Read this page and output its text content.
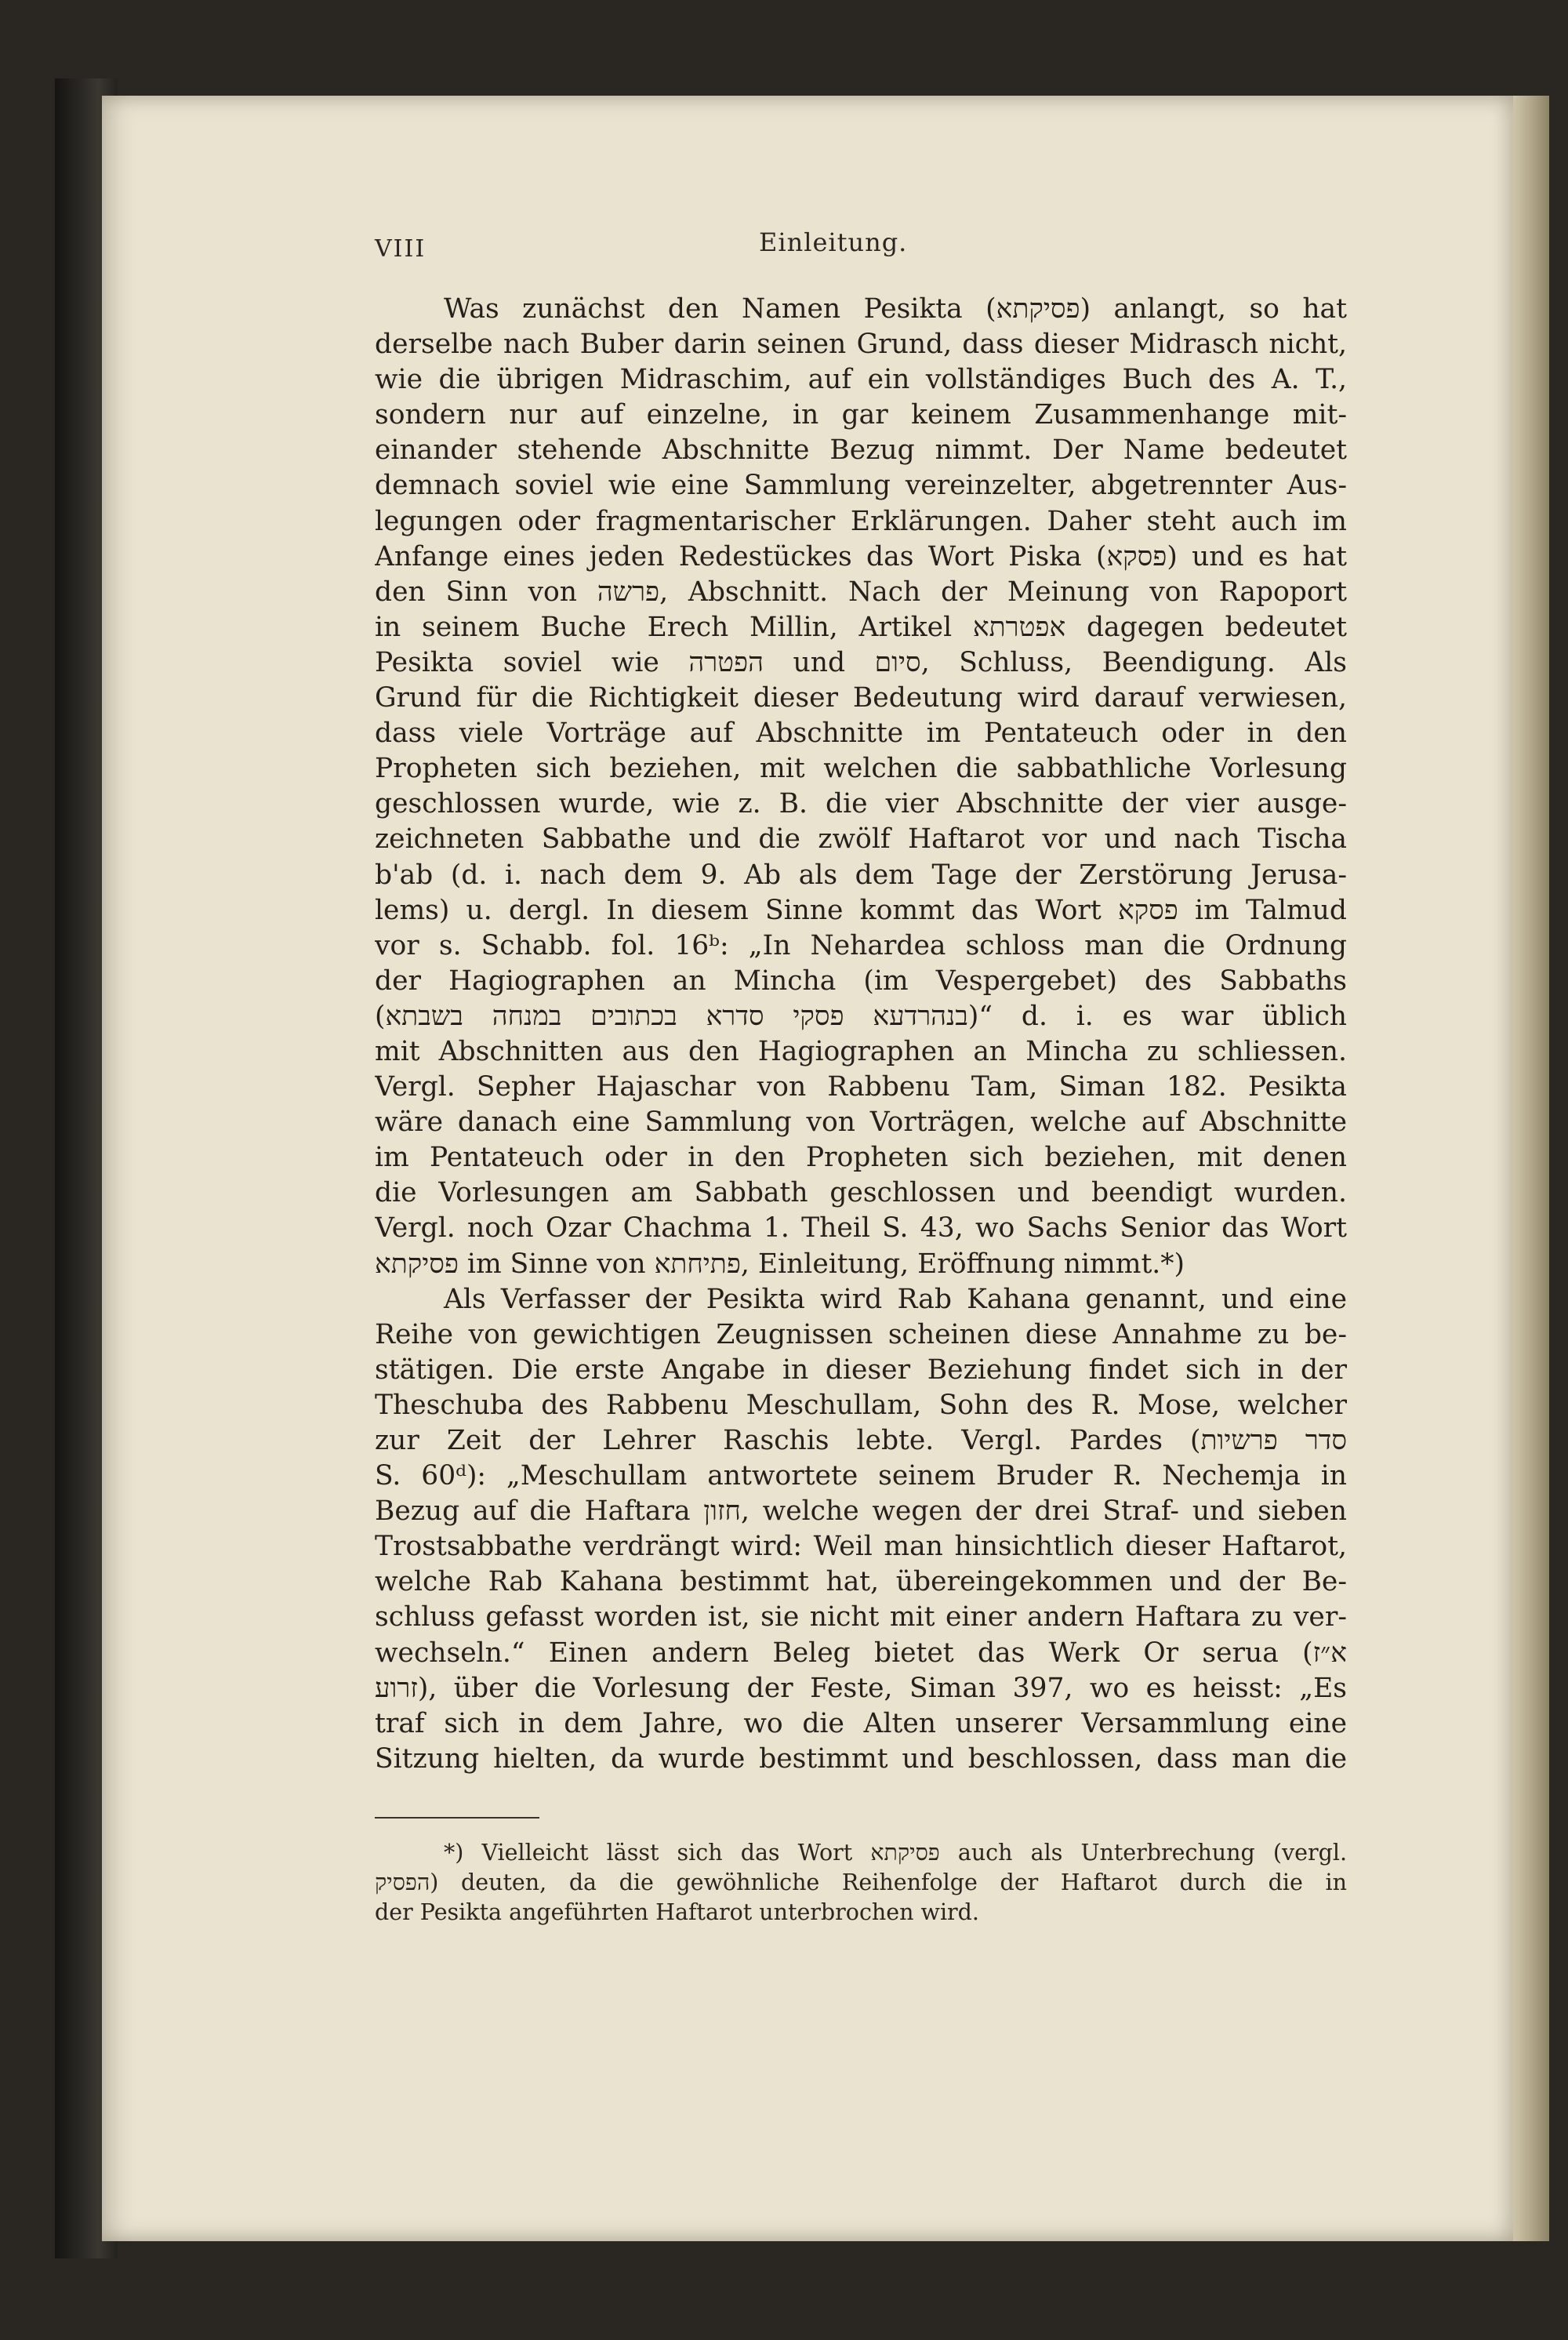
VIII	Einleitung.
Was zunächst den Namen Pesikta (פסיקתא) anlangt, so hat
derselbe nach Buber darin seinen Grund, dass dieser Midrasch nicht,
wie die übrigen Midraschim, auf ein vollständiges Buch des A. T.,
sondern nur auf einzelne, in gar keinem Zusammenhange mit-
einander stehende Abschnitte Bezug nimmt. Der Name bedeutet
demnach soviel wie eine Sammlung vereinzelter, abgetrennter Aus-
legungen oder fragmentarischer Erklärungen. Daher steht auch im
Anfange eines jeden Redestückes das Wort Piska (פסקא) und es hat
den Sinn von פרשה, Abschnitt. Nach der Meinung von Rapoport
in seinem Buche Erech Millin, Artikel אפטרתא dagegen bedeutet
Pesikta soviel wie הפטרה und סיום, Schluss, Beendigung. Als
Grund für die Richtigkeit dieser Bedeutung wird darauf verwiesen,
dass viele Vorträge auf Abschnitte im Pentateuch oder in den
Propheten sich beziehen, mit welchen die sabbathliche Vorlesung
geschlossen wurde, wie z. B. die vier Abschnitte der vier ausge-
zeichneten Sabbathe und die zwölf Haftarot vor und nach Tischa
b'ab (d. i. nach dem 9. Ab als dem Tage der Zerstörung Jerusa-
lems) u. dergl. In diesem Sinne kommt das Wort פסקא im Talmud
vor s. Schabb. fol. 16ᵇ: „In Nehardea schloss man die Ordnung
der Hagiographen an Mincha (im Vespergebet) des Sabbaths
(בנהרדעא פסקי סדרא בכתובים במנחה בשבתא)“ d. i. es war üblich
mit Abschnitten aus den Hagiographen an Mincha zu schliessen.
Vergl. Sepher Hajaschar von Rabbenu Tam, Siman 182. Pesikta
wäre danach eine Sammlung von Vorträgen, welche auf Abschnitte
im Pentateuch oder in den Propheten sich beziehen, mit denen
die Vorlesungen am Sabbath geschlossen und beendigt wurden.
Vergl. noch Ozar Chachma 1. Theil S. 43, wo Sachs Senior das Wort
פסיקתא im Sinne von פתיחתא, Einleitung, Eröffnung nimmt.*)
Als Verfasser der Pesikta wird Rab Kahana genannt, und eine
Reihe von gewichtigen Zeugnissen scheinen diese Annahme zu be-
stätigen. Die erste Angabe in dieser Beziehung findet sich in der
Theschuba des Rabbenu Meschullam, Sohn des R. Mose, welcher
zur Zeit der Lehrer Raschis lebte. Vergl. Pardes (סדר פרשיות
S. 60ᵈ): „Meschullam antwortete seinem Bruder R. Nechemja in
Bezug auf die Haftara חזון, welche wegen der drei Straf- und sieben
Trostsabbathe verdrängt wird: Weil man hinsichtlich dieser Haftarot,
welche Rab Kahana bestimmt hat, übereingekommen und der Be-
schluss gefasst worden ist, sie nicht mit einer andern Haftara zu ver-
wechseln.“ Einen andern Beleg bietet das Werk Or serua (א״ז
זרוע), über die Vorlesung der Feste, Siman 397, wo es heisst: „Es
traf sich in dem Jahre, wo die Alten unserer Versammlung eine
Sitzung hielten, da wurde bestimmt und beschlossen, dass man die
*) Vielleicht lässt sich das Wort פסיקתא auch als Unterbrechung (vergl.
הפסיק) deuten, da die gewöhnliche Reihenfolge der Haftarot durch die in
der Pesikta angeführten Haftarot unterbrochen wird.
